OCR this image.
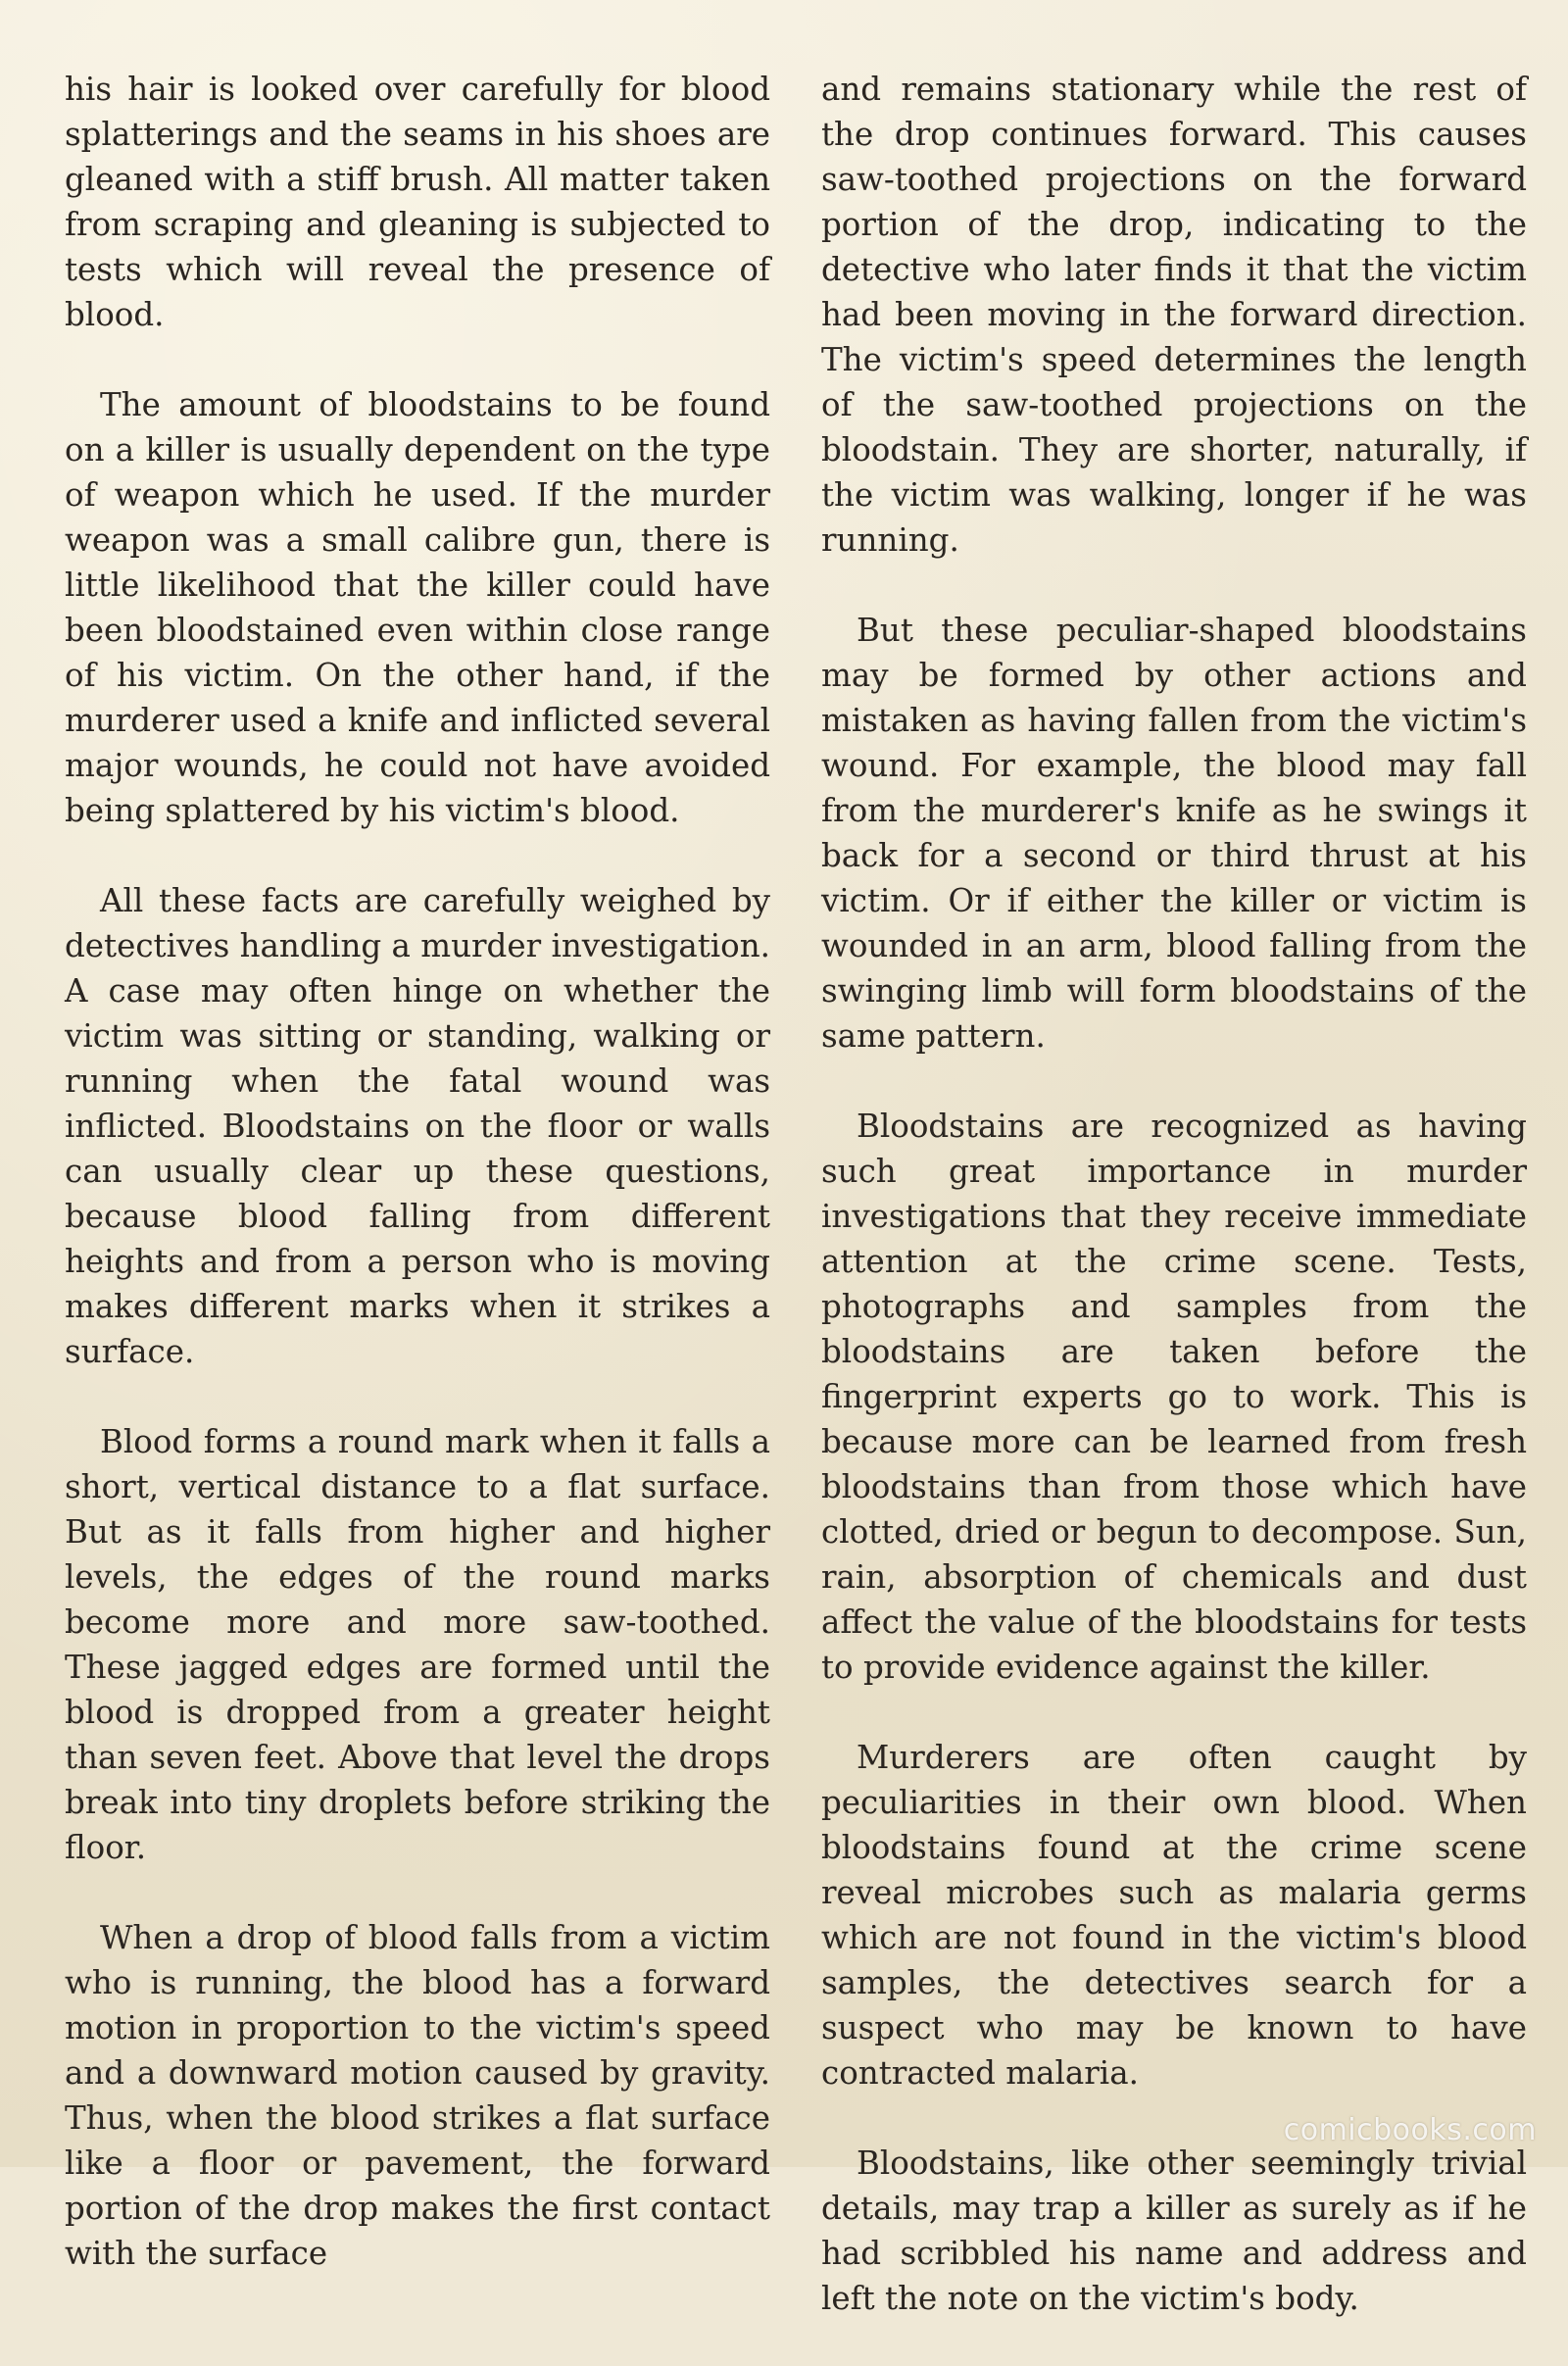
his hair is looked over carefully for blood splatterings and the seams in his shoes are gleaned with a stiff brush. All matter taken from scraping and gleaning is subjected to tests which will reveal the presence of blood.

The amount of bloodstains to be found on a killer is usually dependent on the type of weapon which he used. If the murder weapon was a small calibre gun, there is little likelihood that the killer could have been bloodstained even within close range of his victim. On the other hand, if the murderer used a knife and inflicted several major wounds, he could not have avoided being splattered by his victim's blood.

All these facts are carefully weighed by detectives handling a murder investigation. A case may often hinge on whether the victim was sitting or standing, walking or running when the fatal wound was inflicted. Bloodstains on the floor or walls can usually clear up these questions, because blood falling from different heights and from a person who is moving makes different marks when it strikes a surface.

Blood forms a round mark when it falls a short, vertical distance to a flat surface. But as it falls from higher and higher levels, the edges of the round marks become more and more saw-toothed. These jagged edges are formed until the blood is dropped from a greater height than seven feet. Above that level the drops break into tiny droplets before striking the floor.

When a drop of blood falls from a victim who is running, the blood has a forward motion in proportion to the victim's speed and a downward motion caused by gravity. Thus, when the blood strikes a flat surface like a floor or pavement, the forward portion of the drop makes the first contact with the surface

and remains stationary while the rest of the drop continues forward. This causes saw-toothed projections on the forward portion of the drop, indicating to the detective who later finds it that the victim had been moving in the forward direction. The victim's speed determines the length of the saw-toothed projections on the bloodstain. They are shorter, naturally, if the victim was walking, longer if he was running.

But these peculiar-shaped bloodstains may be formed by other actions and mistaken as having fallen from the victim's wound. For example, the blood may fall from the murderer's knife as he swings it back for a second or third thrust at his victim. Or if either the killer or victim is wounded in an arm, blood falling from the swinging limb will form bloodstains of the same pattern.

Bloodstains are recognized as having such great importance in murder investigations that they receive immediate attention at the crime scene. Tests, photographs and samples from the bloodstains are taken before the fingerprint experts go to work. This is because more can be learned from fresh bloodstains than from those which have clotted, dried or begun to decompose. Sun, rain, absorption of chemicals and dust affect the value of the bloodstains for tests to provide evidence against the killer.

Murderers are often caught by peculiarities in their own blood. When bloodstains found at the crime scene reveal microbes such as malaria germs which are not found in the victim's blood samples, the detectives search for a suspect who may be known to have contracted malaria.

Bloodstains, like other seemingly trivial details, may trap a killer as surely as if he had scribbled his name and address and left the note on the victim's body.

comicbooks.com
